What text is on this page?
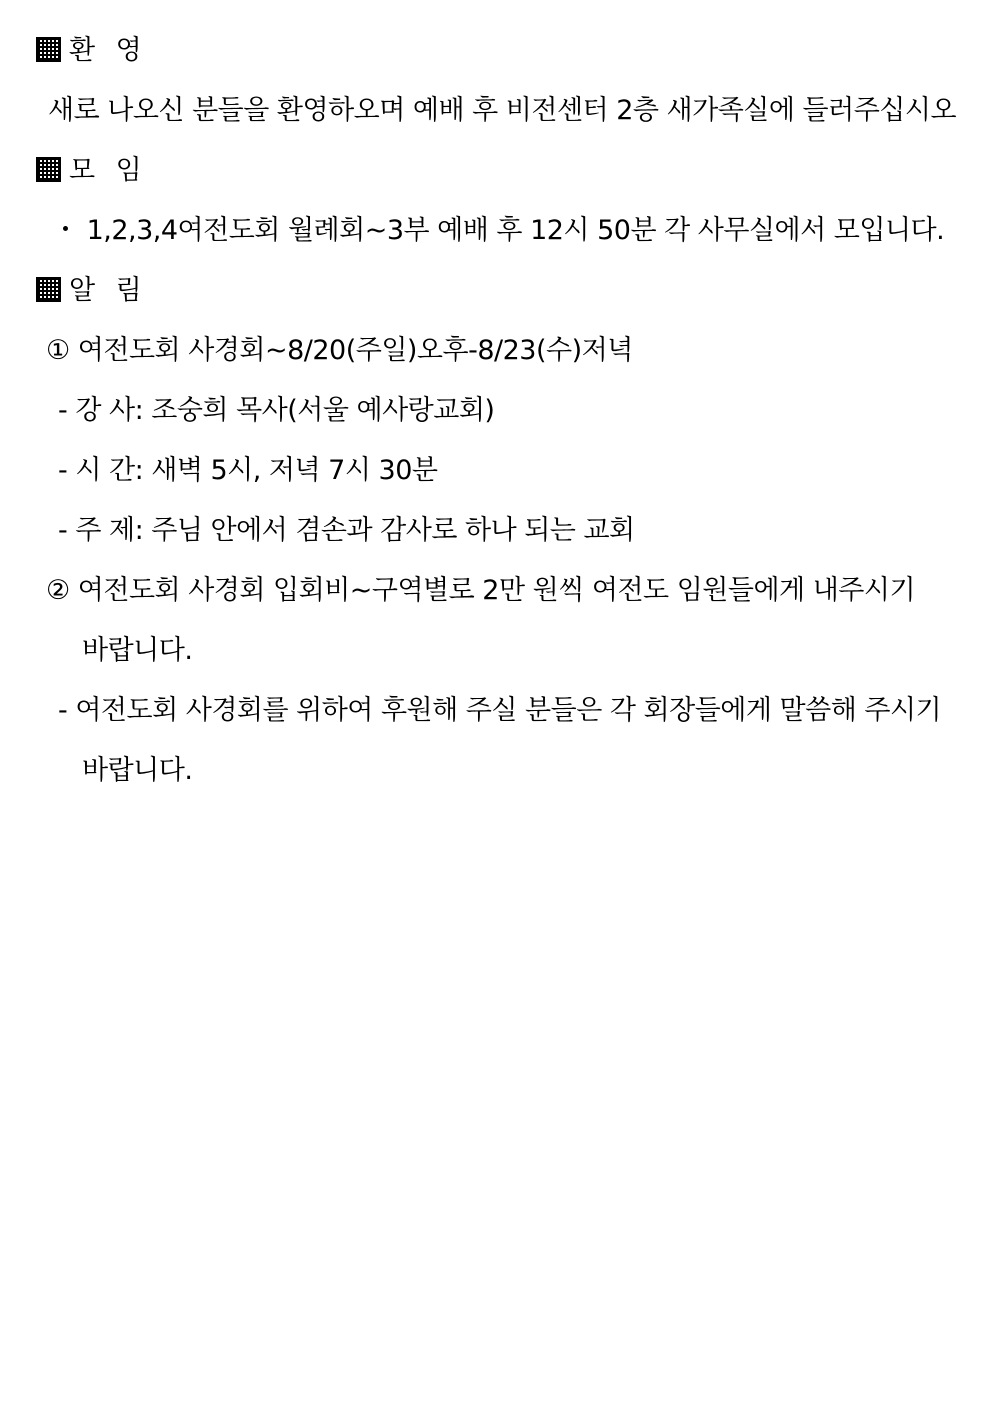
환 영
새로 나오신 분들을 환영하오며 예배 후 비전센터 2층 새가족실에 들러주십시오
모 임
・ 1,2,3,4여전도회 월례회~3부 예배 후 12시 50분 각 사무실에서 모입니다.
알 림
① 여전도회 사경회~8/20(주일)오후-8/23(수)저녁
- 강 사: 조숭희 목사(서울 예사랑교회)
- 시 간: 새벽 5시, 저녁 7시 30분
- 주 제: 주님 안에서 겸손과 감사로 하나 되는 교회
② 여전도회 사경회 입회비~구역별로 2만 원씩 여전도 임원들에게 내주시기
바랍니다.
- 여전도회 사경회를 위하여 후원해 주실 분들은 각 회장들에게 말씀해 주시기
바랍니다.
